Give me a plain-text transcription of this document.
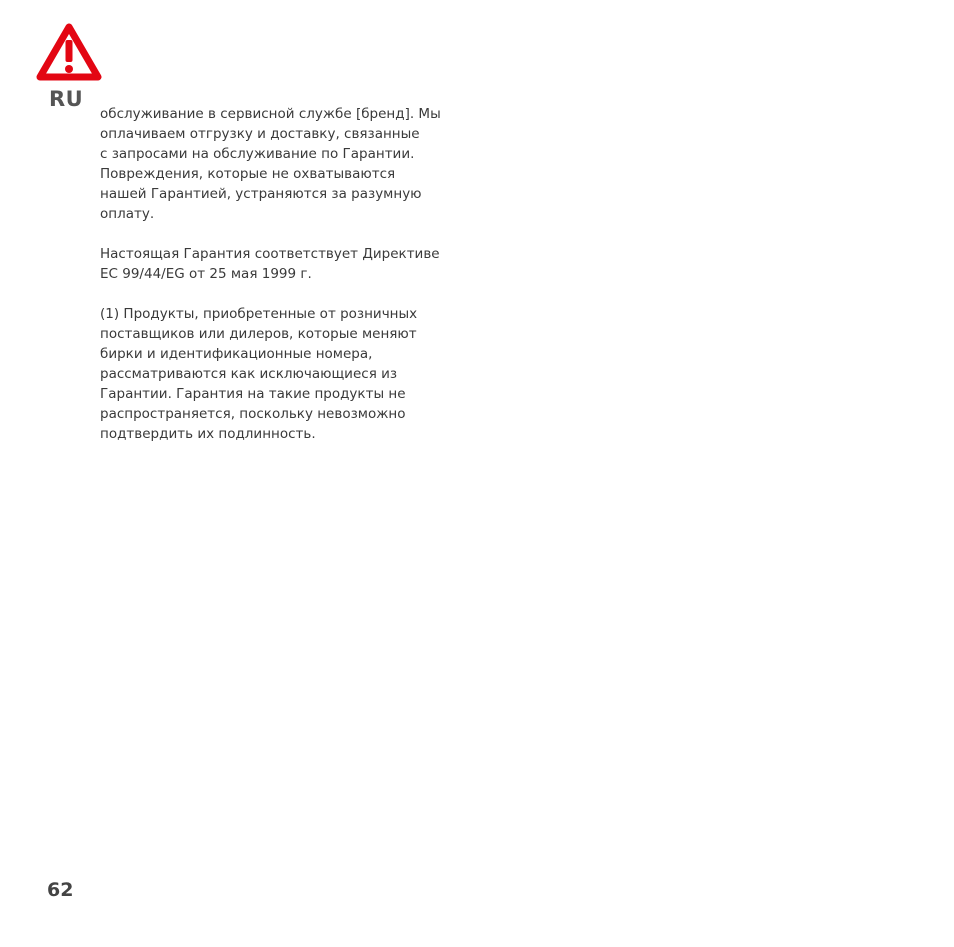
RU

обслуживание в сервисной службе [бренд]. Мы
оплачиваем отгрузку и доставку, связанные
с запросами на обслуживание по Гарантии.
Повреждения, которые не охватываются
нашей Гарантией, устраняются за разумную
оплату.

Настоящая Гарантия соответствует Директиве
EC 99/44/EG от 25 мая 1999 г.

(1) Продукты, приобретенные от розничных
поставщиков или дилеров, которые меняют
бирки и идентификационные номера,
рассматриваются как исключающиеся из
Гарантии. Гарантия на такие продукты не
распространяется, поскольку невозможно
подтвердить их подлинность.

62
